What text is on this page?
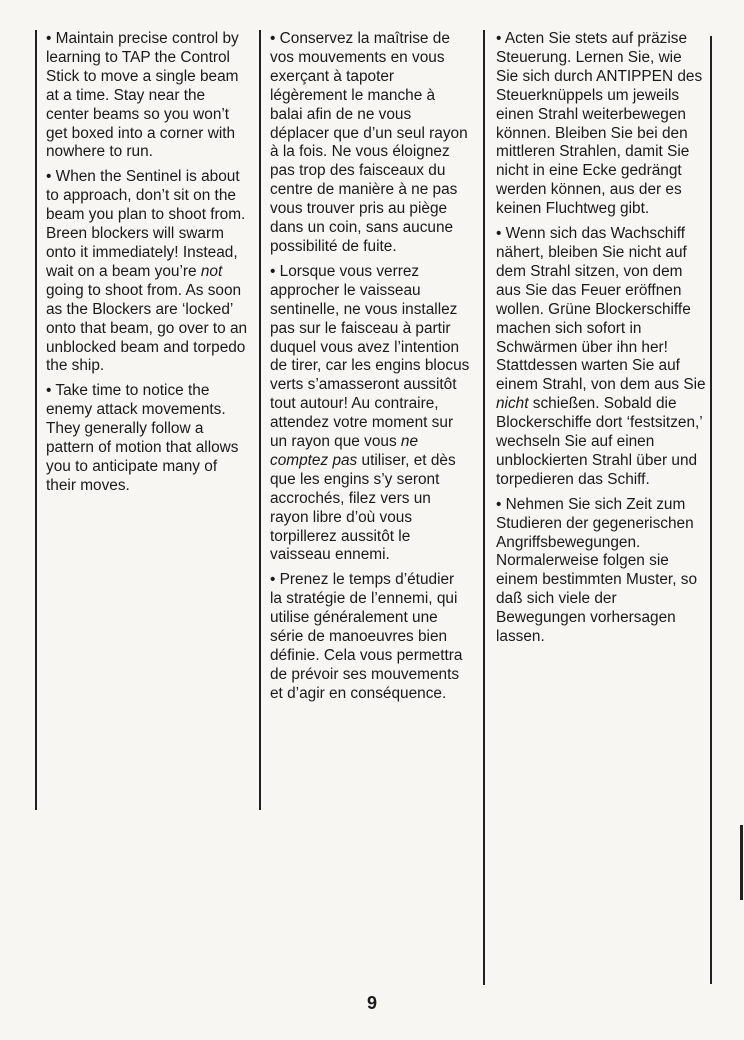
• Maintain precise control by learning to TAP the Control Stick to move a single beam at a time. Stay near the center beams so you won’t get boxed into a corner with nowhere to run.

• When the Sentinel is about to approach, don’t sit on the beam you plan to shoot from. Breen blockers will swarm onto it immediately! Instead, wait on a beam you’re not going to shoot from. As soon as the Blockers are ‘locked’ onto that beam, go over to an unblocked beam and torpedo the ship.

• Take time to notice the enemy attack movements. They generally follow a pattern of motion that allows you to anticipate many of their moves.

• Conservez la maîtrise de vos mouvements en vous exerçant à tapoter légèrement le manche à balai afin de ne vous déplacer que d’un seul rayon à la fois. Ne vous éloignez pas trop des faisceaux du centre de manière à ne pas vous trouver pris au piège dans un coin, sans aucune possibilité de fuite.

• Lorsque vous verrez approcher le vaisseau sentinelle, ne vous installez pas sur le faisceau à partir duquel vous avez l’intention de tirer, car les engins blocus verts s’amasseront aussitôt tout autour! Au contraire, attendez votre moment sur un rayon que vous ne comptez pas utiliser, et dès que les engins s’y seront accrochés, filez vers un rayon libre d’où vous torpillerez aussitôt le vaisseau ennemi.

• Prenez le temps d’étudier la stratégie de l’ennemi, qui utilise généralement une série de manoeuvres bien définie. Cela vous permettra de prévoir ses mouvements et d’agir en conséquence.

• Acten Sie stets auf präzise Steuerung. Lernen Sie, wie Sie sich durch ANTIPPEN des Steuerknüppels um jeweils einen Strahl weiterbewegen können. Bleiben Sie bei den mittleren Strahlen, damit Sie nicht in eine Ecke gedrängt werden können, aus der es keinen Fluchtweg gibt.

• Wenn sich das Wachschiff nähert, bleiben Sie nicht auf dem Strahl sitzen, von dem aus Sie das Feuer eröffnen wollen. Grüne Blockerschiffe machen sich sofort in Schwärmen über ihn her! Stattdessen warten Sie auf einem Strahl, von dem aus Sie nicht schießen. Sobald die Blockerschiffe dort ‘festsitzen,’ wechseln Sie auf einen unblockierten Strahl über und torpedieren das Schiff.

• Nehmen Sie sich Zeit zum Studieren der gegenerischen Angriffsbewegungen. Normalerweise folgen sie einem bestimmten Muster, so daß sich viele der Bewegungen vorhersagen lassen.

9
